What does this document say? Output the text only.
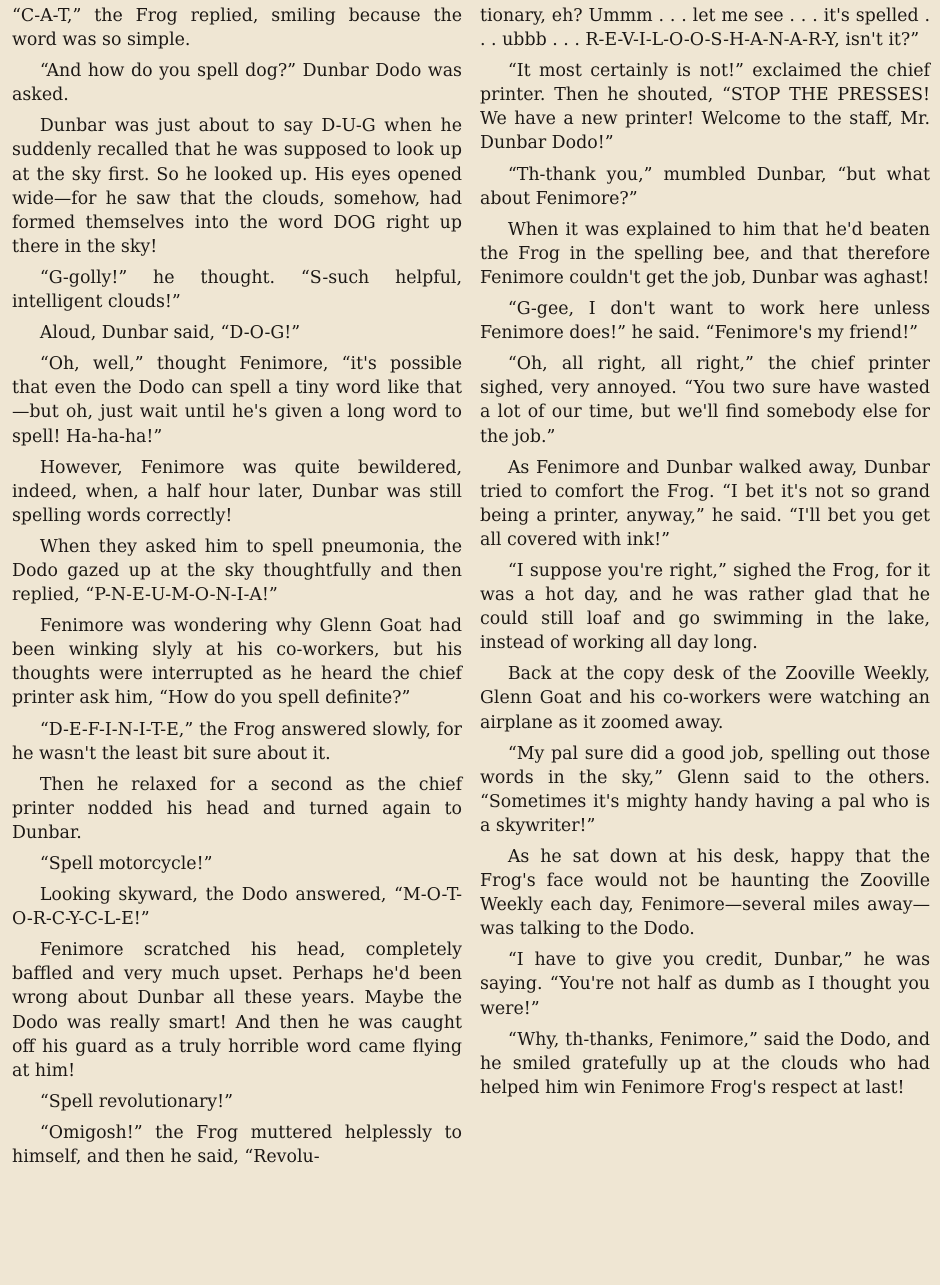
“C-A-T,” the Frog replied, smiling because the word was so simple.

“And how do you spell dog?” Dunbar Dodo was asked.

Dunbar was just about to say D-U-G when he suddenly recalled that he was supposed to look up at the sky first. So he looked up. His eyes opened wide—for he saw that the clouds, somehow, had formed themselves into the word DOG right up there in the sky!

“G-golly!” he thought. “S-such helpful, intelligent clouds!”

Aloud, Dunbar said, “D-O-G!”

“Oh, well,” thought Fenimore, “it's possible that even the Dodo can spell a tiny word like that—but oh, just wait until he's given a long word to spell! Ha-ha-ha!”

However, Fenimore was quite bewildered, indeed, when, a half hour later, Dunbar was still spelling words correctly!

When they asked him to spell pneumonia, the Dodo gazed up at the sky thoughtfully and then replied, “P-N-E-U-M-O-N-I-A!”

Fenimore was wondering why Glenn Goat had been winking slyly at his co-workers, but his thoughts were interrupted as he heard the chief printer ask him, “How do you spell definite?”

“D-E-F-I-N-I-T-E,” the Frog answered slowly, for he wasn't the least bit sure about it.

Then he relaxed for a second as the chief printer nodded his head and turned again to Dunbar.

“Spell motorcycle!”

Looking skyward, the Dodo answered, “M-O-T-O-R-C-Y-C-L-E!”

Fenimore scratched his head, completely baffled and very much upset. Perhaps he'd been wrong about Dunbar all these years. Maybe the Dodo was really smart! And then he was caught off his guard as a truly horrible word came flying at him!

“Spell revolutionary!”

“Omigosh!” the Frog muttered helplessly to himself, and then he said, “Revolu-

tionary, eh? Ummm . . . let me see . . . it's spelled . . . ubbb . . . R-E-V-I-L-O-O-S-H-A-N-A-R-Y, isn't it?”

“It most certainly is not!” exclaimed the chief printer. Then he shouted, “STOP THE PRESSES! We have a new printer! Welcome to the staff, Mr. Dunbar Dodo!”

“Th-thank you,” mumbled Dunbar, “but what about Fenimore?”

When it was explained to him that he'd beaten the Frog in the spelling bee, and that therefore Fenimore couldn't get the job, Dunbar was aghast!

“G-gee, I don't want to work here unless Fenimore does!” he said. “Fenimore's my friend!”

“Oh, all right, all right,” the chief printer sighed, very annoyed. “You two sure have wasted a lot of our time, but we'll find somebody else for the job.”

As Fenimore and Dunbar walked away, Dunbar tried to comfort the Frog. “I bet it's not so grand being a printer, anyway,” he said. “I'll bet you get all covered with ink!”

“I suppose you're right,” sighed the Frog, for it was a hot day, and he was rather glad that he could still loaf and go swimming in the lake, instead of working all day long.

Back at the copy desk of the Zooville Weekly, Glenn Goat and his co-workers were watching an airplane as it zoomed away.

“My pal sure did a good job, spelling out those words in the sky,” Glenn said to the others. “Sometimes it's mighty handy having a pal who is a skywriter!”

As he sat down at his desk, happy that the Frog's face would not be haunting the Zooville Weekly each day, Fenimore—several miles away—was talking to the Dodo.

“I have to give you credit, Dunbar,” he was saying. “You're not half as dumb as I thought you were!”

“Why, th-thanks, Fenimore,” said the Dodo, and he smiled gratefully up at the clouds who had helped him win Fenimore Frog's respect at last!
